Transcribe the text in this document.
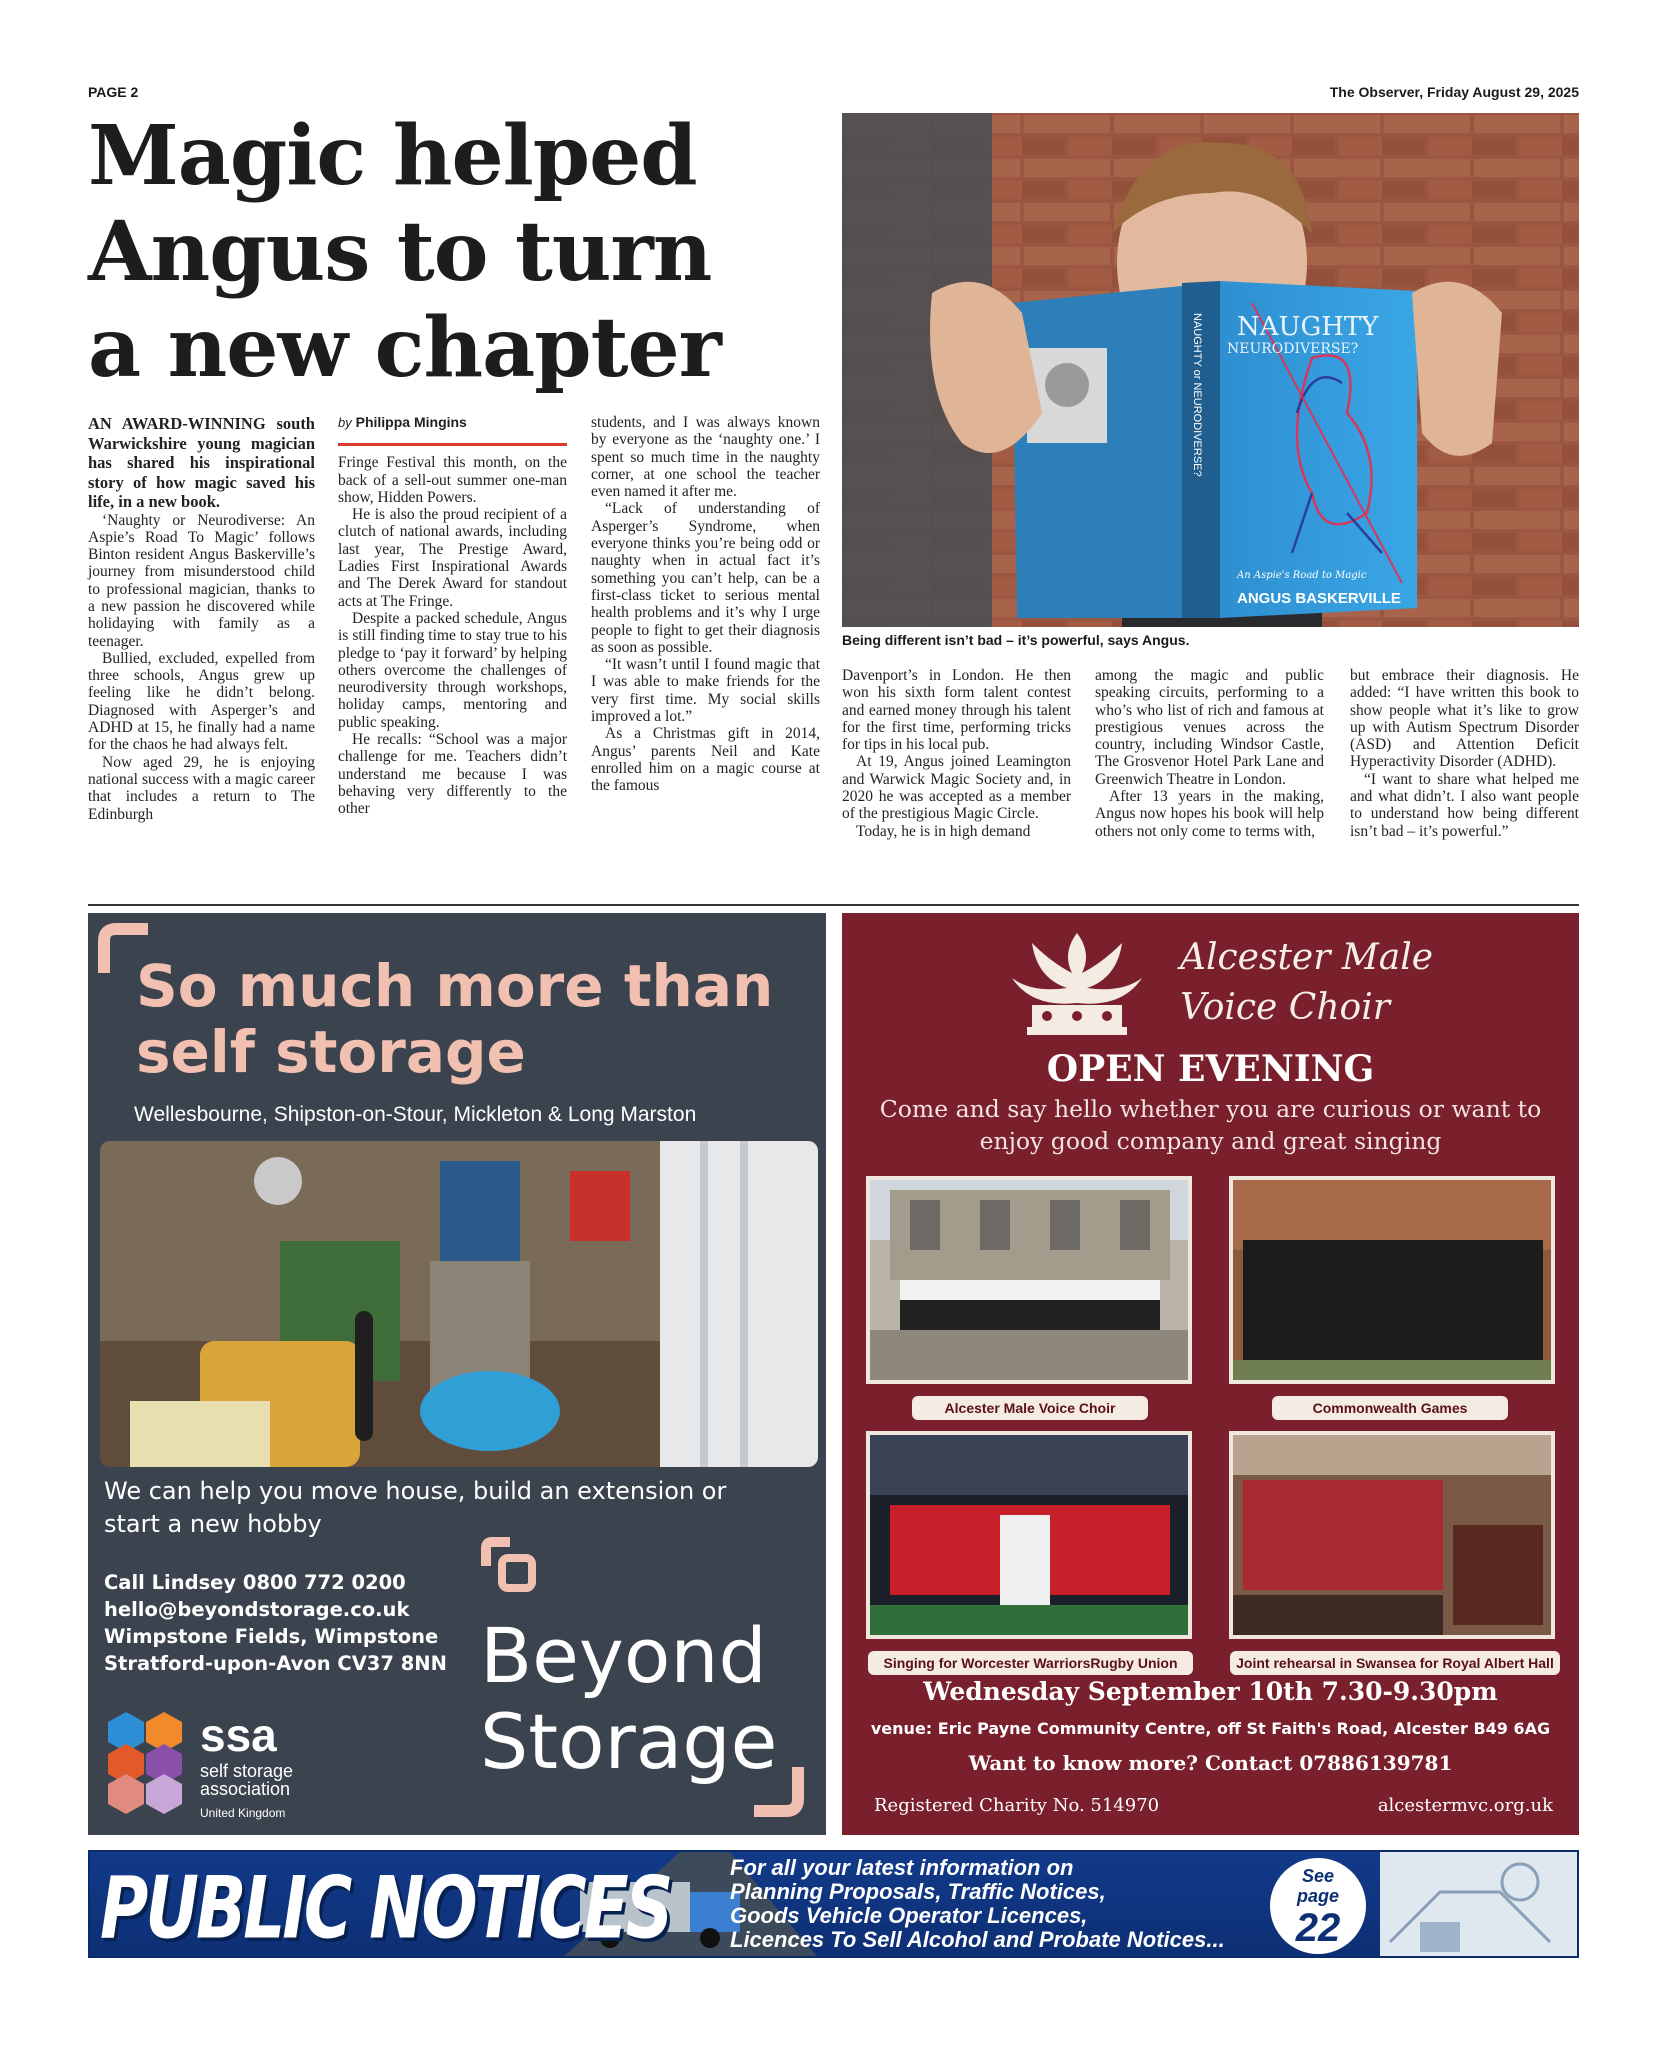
PAGE 2	The Observer, Friday August 29, 2025
Magic helped
Angus to turn
a new chapter	NAUGHTY
NEURODIVERSE?
An Aspie's Road to Magic
ANGUS BASKERVILLE
NAUGHTY or NEURODIVERSE?
Being different isn’t bad – it’s powerful, says Angus.

AN AWARD-WINNING south Warwickshire young magician has shared his inspirational story of how magic saved his life, in a new book.

‘Naughty or Neurodiverse: An Aspie’s Road To Magic’ follows Binton resident Angus Baskerville’s journey from misunderstood child to professional magician, thanks to a new passion he discovered while holidaying with family as a teenager.

Bullied, excluded, expelled from three schools, Angus grew up feeling like he didn’t belong. Diagnosed with Asperger’s and ADHD at 15, he finally had a name for the chaos he had always felt.

Now aged 29, he is enjoying national success with a magic career that includes a return to The Edinburgh

by Philippa Mingins

Fringe Festival this month, on the back of a sell-out summer one-man show, Hidden Powers.

He is also the proud recipient of a clutch of national awards, including last year, The Prestige Award, Ladies First Inspirational Awards and The Derek Award for standout acts at The Fringe.

Despite a packed schedule, Angus is still finding time to stay true to his pledge to ‘pay it forward’ by helping others overcome the challenges of neurodiversity through workshops, holiday camps, mentoring and public speaking.

He recalls: “School was a major challenge for me. Teachers didn’t understand me because I was behaving very differently to the other

students, and I was always known by everyone as the ‘naughty one.’ I spent so much time in the naughty corner, at one school the teacher even named it after me.

“Lack of understanding of Asperger’s Syndrome, when everyone thinks you’re being odd or naughty when in actual fact it’s something you can’t help, can be a first-class ticket to serious mental health problems and it’s why I urge people to fight to get their diagnosis as soon as possible.

“It wasn’t until I found magic that I was able to make friends for the very first time. My social skills improved a lot.”

As a Christmas gift in 2014, Angus’ parents Neil and Kate enrolled him on a magic course at the famous

Davenport’s in London. He then won his sixth form talent contest and earned money through his talent for the first time, performing tricks for tips in his local pub.

At 19, Angus joined Leamington and Warwick Magic Society and, in 2020 he was accepted as a member of the prestigious Magic Circle.

Today, he is in high demand

among the magic and public speaking circuits, performing to a who’s who list of rich and famous at prestigious venues across the country, including Windsor Castle, The Grosvenor Hotel Park Lane and Greenwich Theatre in London.

After 13 years in the making, Angus now hopes his book will help others not only come to terms with,

but embrace their diagnosis. He added: “I have written this book to show people what it’s like to grow up with Autism Spectrum Disorder (ASD) and Attention Deficit Hyperactivity Disorder (ADHD).

“I want to share what helped me and what didn’t. I also want people to understand how being different isn’t bad – it’s powerful.”

So much more than
self storage
Wellesbourne, Shipston-on-Stour, Mickleton & Long Marston
We can help you move house, build an extension or
start a new hobby
Call Lindsey 0800 772 0200
hello@beyondstorage.co.uk
Wimpstone Fields, Wimpstone
Stratford-upon-Avon CV37 8NN Beyond
Storage
ssa
self storage
association
United Kingdom
Alcester Male
Voice Choir
OPEN EVENING
Come and say hello whether you are curious or want to
enjoy good company and great singing
Alcester Male Voice Choir	Commonwealth Games
Singing for Worcester WarriorsRugby Union	Joint rehearsal in Swansea for Royal Albert Hall
Wednesday September 10th 7.30-9.30pm
venue: Eric Payne Community Centre, off St Faith's Road, Alcester B49 6AG
Want to know more? Contact 07886139781
Registered Charity No. 514970	alcestermvc.org.uk
PUBLIC NOTICES	For all your latest information on
Planning Proposals, Traffic Notices,
Goods Vehicle Operator Licences,
Licences To Sell Alcohol and Probate Notices...
See
page
22
